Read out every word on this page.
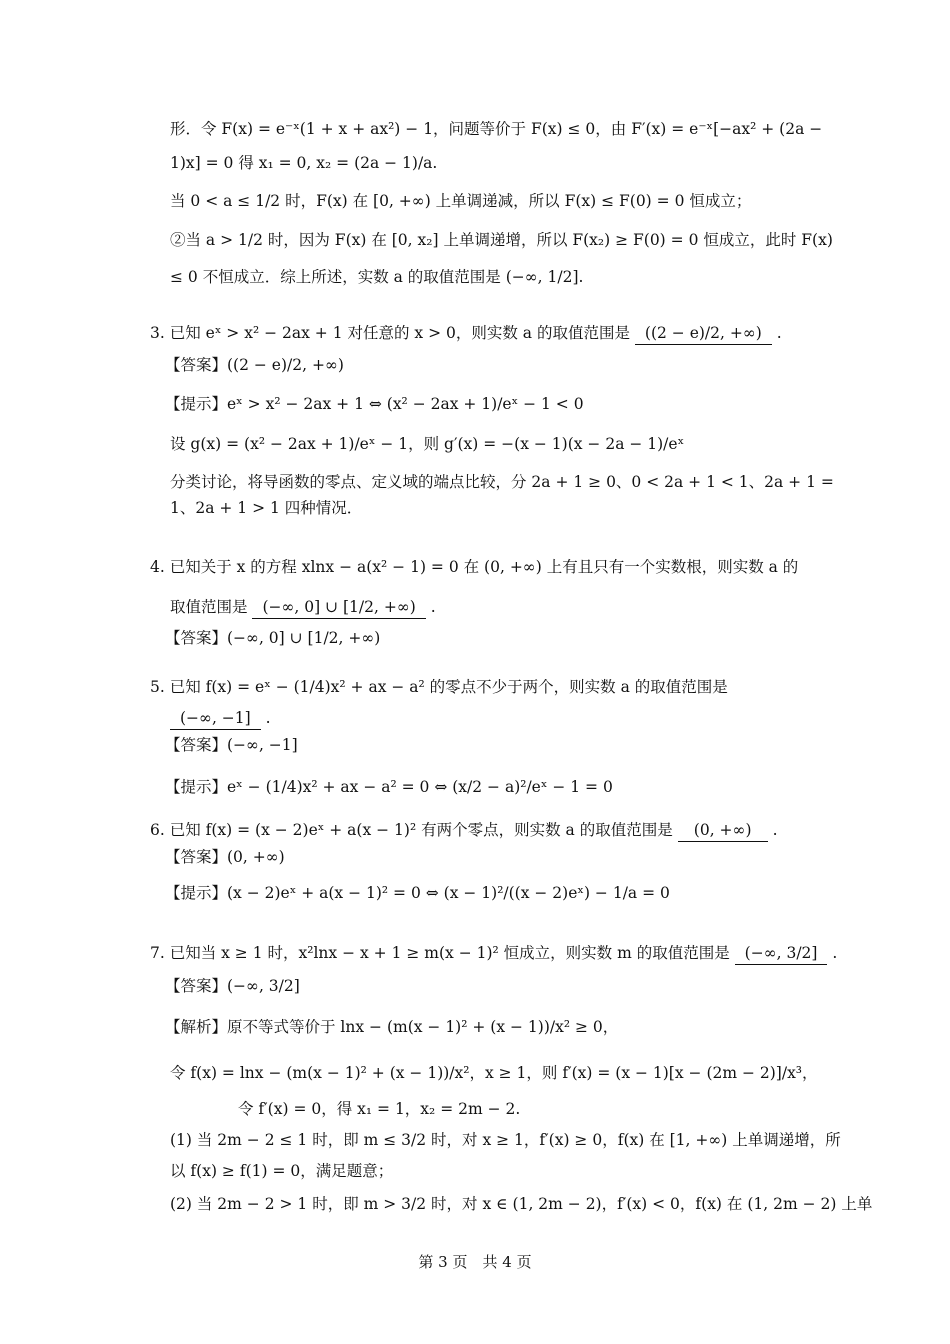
形．令 F(x) = e⁻ˣ(1 + x + ax²) − 1，问题等价于 F(x) ≤ 0，由 F′(x) = e⁻ˣ[−ax² + (2a −
1)x] = 0 得 x₁ = 0, x₂ = (2a − 1)/a.
当 0 < a ≤ 1/2 时，F(x) 在 [0, +∞) 上单调递减，所以 F(x) ≤ F(0) = 0 恒成立；
②当 a > 1/2 时，因为 F(x) 在 [0, x₂] 上单调递增，所以 F(x₂) ≥ F(0) = 0 恒成立，此时 F(x)
≤ 0 不恒成立．综上所述，实数 a 的取值范围是 (−∞, 1/2].
3. 已知 eˣ > x² − 2ax + 1 对任意的 x > 0，则实数 a 的取值范围是 ((2 − e)/2, +∞) .
【答案】((2 − e)/2, +∞)
【提示】eˣ > x² − 2ax + 1 ⇔ (x² − 2ax + 1)/eˣ − 1 < 0
设 g(x) = (x² − 2ax + 1)/eˣ − 1，则 g′(x) = −(x − 1)(x − 2a − 1)/eˣ
分类讨论，将导函数的零点、定义域的端点比较，分 2a + 1 ≥ 0、0 < 2a + 1 < 1、2a + 1 =
1、2a + 1 > 1 四种情况．
4. 已知关于 x 的方程 xlnx − a(x² − 1) = 0 在 (0, +∞) 上有且只有一个实数根，则实数 a 的
取值范围是 (−∞, 0] ∪ [1/2, +∞) .
【答案】(−∞, 0] ∪ [1/2, +∞)
5. 已知 f(x) = eˣ − (1/4)x² + ax − a² 的零点不少于两个，则实数 a 的取值范围是
(−∞, −1] .
【答案】(−∞, −1]
【提示】eˣ − (1/4)x² + ax − a² = 0 ⇔ (x/2 − a)²/eˣ − 1 = 0
6. 已知 f(x) = (x − 2)eˣ + a(x − 1)² 有两个零点，则实数 a 的取值范围是 (0, +∞) .
【答案】(0, +∞)
【提示】(x − 2)eˣ + a(x − 1)² = 0 ⇔ (x − 1)²/((x − 2)eˣ) − 1/a = 0
7. 已知当 x ≥ 1 时，x²lnx − x + 1 ≥ m(x − 1)² 恒成立，则实数 m 的取值范围是 (−∞, 3/2] .
【答案】(−∞, 3/2]
【解析】原不等式等价于 lnx − (m(x − 1)² + (x − 1))/x² ≥ 0，
令 f(x) = lnx − (m(x − 1)² + (x − 1))/x²，x ≥ 1，则 f′(x) = (x − 1)[x − (2m − 2)]/x³，
令 f′(x) = 0，得 x₁ = 1，x₂ = 2m − 2.
(1) 当 2m − 2 ≤ 1 时，即 m ≤ 3/2 时，对 x ≥ 1，f′(x) ≥ 0，f(x) 在 [1, +∞) 上单调递增，所
以 f(x) ≥ f(1) = 0，满足题意；
(2) 当 2m − 2 > 1 时，即 m > 3/2 时，对 x ∈ (1, 2m − 2)，f′(x) < 0，f(x) 在 (1, 2m − 2) 上单
第 3 页　共 4 页
